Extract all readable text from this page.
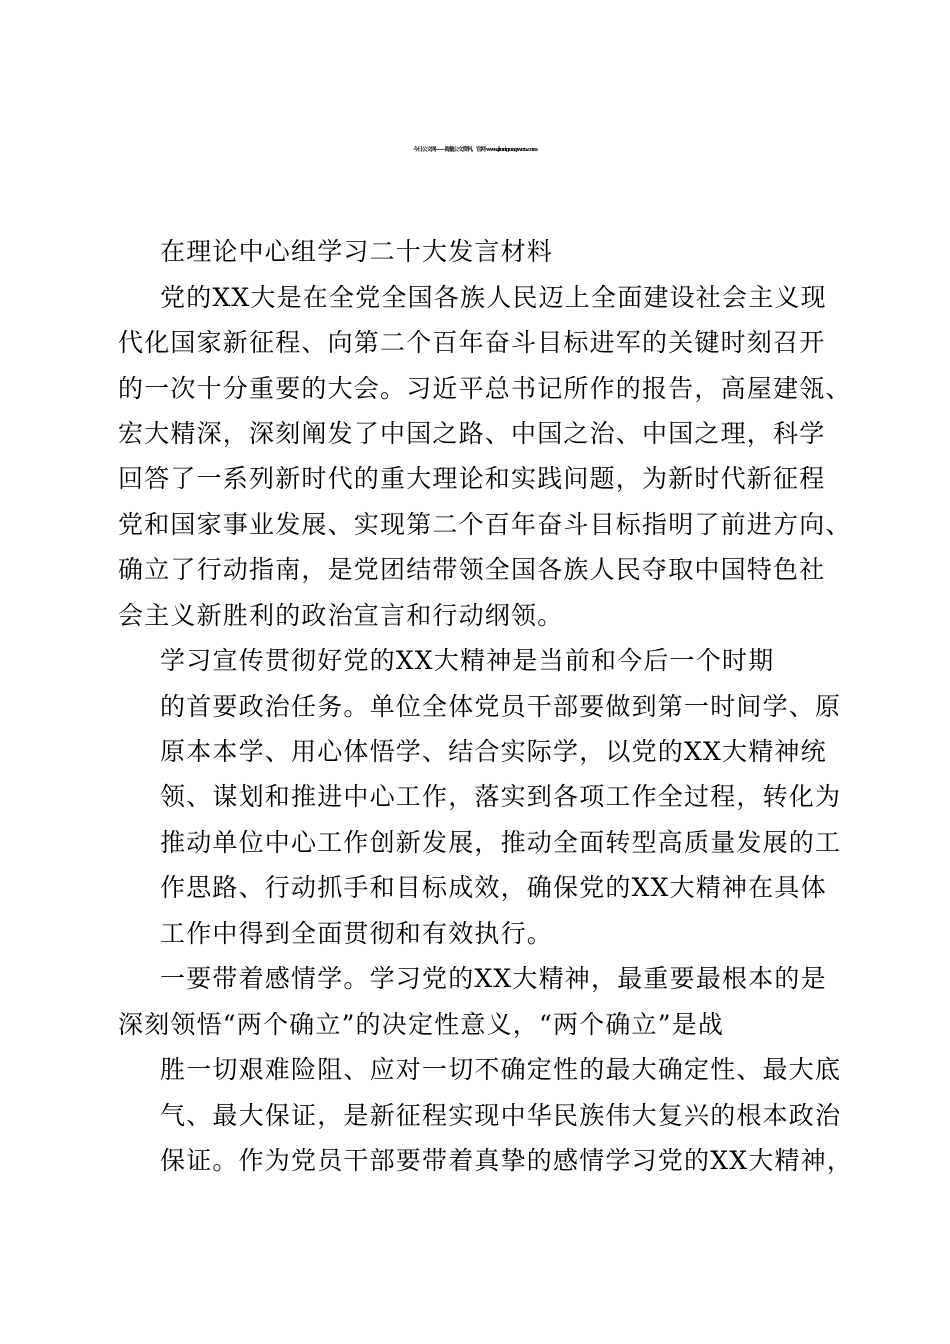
今日公文网——海量公文资料，官网 www.jinrigongwen.com
在理论中心组学习二十大发言材料
党的XX大是在全党全国各族人民迈上全面建设社会主义现
代化国家新征程、向第二个百年奋斗目标进军的关键时刻召开
的一次十分重要的大会。习近平总书记所作的报告，高屋建瓴、
宏大精深，深刻阐发了中国之路、中国之治、中国之理，科学
回答了一系列新时代的重大理论和实践问题，为新时代新征程
党和国家事业发展、实现第二个百年奋斗目标指明了前进方向、
确立了行动指南，是党团结带领全国各族人民夺取中国特色社
会主义新胜利的政治宣言和行动纲领。
学习宣传贯彻好党的XX大精神是当前和今后一个时期
的首要政治任务。单位全体党员干部要做到第一时间学、原
原本本学、用心体悟学、结合实际学，以党的XX大精神统
领、谋划和推进中心工作，落实到各项工作全过程，转化为
推动单位中心工作创新发展，推动全面转型高质量发展的工
作思路、行动抓手和目标成效，确保党的XX大精神在具体
工作中得到全面贯彻和有效执行。
一要带着感情学。学习党的XX大精神，最重要最根本的是
深刻领悟“两个确立”的决定性意义，“两个确立”是战
胜一切艰难险阻、应对一切不确定性的最大确定性、最大底
气、最大保证，是新征程实现中华民族伟大复兴的根本政治
保证。作为党员干部要带着真挚的感情学习党的XX大精神，
